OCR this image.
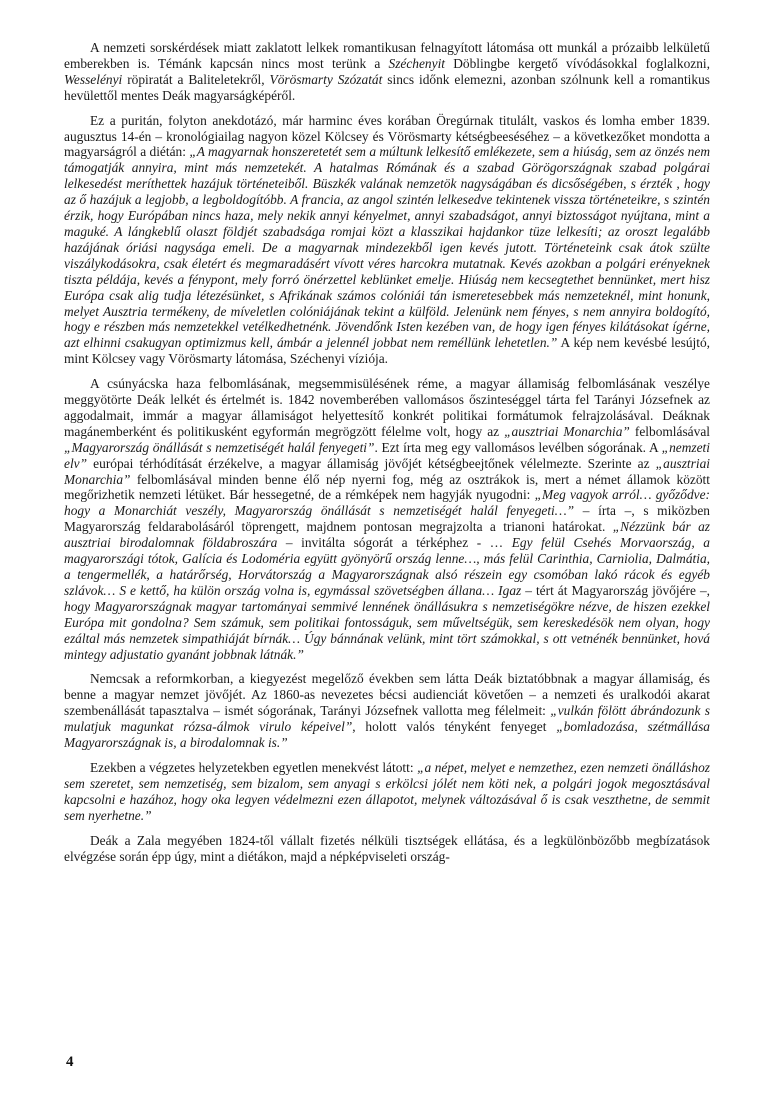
A nemzeti sorskérdések miatt zaklatott lelkek romantikusan felnagyított látomása ott munkál a prózaibb lelkületű emberekben is. Témánk kapcsán nincs most terünk a Széchenyit Döblingbe kergető vívódásokkal foglalkozni, Wesselényi röpiratát a Baliteletekről, Vörösmarty Szózatát sincs időnk elemezni, azonban szólnunk kell a romantikus hevülettől mentes Deák magyarságképéről.

Ez a puritán, folyton anekdotázó, már harminc éves korában Öregúrnak titulált, vaskos és lomha ember 1839. augusztus 14-én – kronológiailag nagyon közel Kölcsey és Vörösmarty kétségbeeséséhez – a következőket mondotta a magyarságról a diétán: „A magyarnak honszeretetét sem a múltunk lelkesítő emlékezete, sem a hiúság, sem az önzés nem támogatják annyira, mint más nemzetekét. A hatalmas Rómának és a szabad Görögországnak szabad polgárai lelkesedést meríthettek hazájuk történeteiből. Büszkék valának nemzetök nagyságában és dicsőségében, s érzték , hogy az ő hazájuk a legjobb, a legboldogítóbb. A francia, az angol szintén lelkesedve tekintenek vissza történeteikre, s szintén érzik, hogy Európában nincs haza, mely nekik annyi kényelmet, annyi szabadságot, annyi biztosságot nyújtana, mint a maguké. A lángkeblű olaszt földjét szabadsága romjai közt a klasszikai hajdankor tüze lelkesíti; az oroszt legalább hazájának óriási nagysága emeli. De a magyarnak mindezekből igen kevés jutott. Történeteink csak átok szülte viszálykodásokra, csak életért és megmaradásért vívott véres harcokra mutatnak. Kevés azokban a polgári erényeknek tiszta példája, kevés a fénypont, mely forró önérzettel keblünket emelje. Hiúság nem kecsegtethet bennünket, mert hisz Európa csak alig tudja létezésünket, s Afrikának számos colóniái tán ismeretesebbek más nemzeteknél, mint honunk, melyet Ausztria termékeny, de míveletlen colóniájának tekint a külföld. Jelenünk nem fényes, s nem annyira boldogító, hogy e részben más nemzetekkel vetélkedhetnénk. Jövendőnk Isten kezében van, de hogy igen fényes kilátásokat ígérne, azt elhinni csakugyan optimizmus kell, ámbár a jelennél jobbat nem reméllünk lehetetlen.” A kép nem kevésbé lesújtó, mint Kölcsey vagy Vörösmarty látomása, Széchenyi víziója.

A csúnyácska haza felbomlásának, megsemmisülésének réme, a magyar államiság felbomlásának veszélye meggyötörte Deák lelkét és értelmét is. 1842 novemberében vallomásos őszinteséggel tárta fel Tarányi Józsefnek az aggodalmait, immár a magyar államiságot helyettesítő konkrét politikai formátumok felrajzolásával. Deáknak magánemberként és politikusként egyformán megrögzött félelme volt, hogy az „ausztriai Monarchia” felbomlásával „Magyarország önállását s nemzetiségét halál fenyegeti”. Ezt írta meg egy vallomásos levélben sógorának. A „nemzeti elv” európai térhódítását érzékelve, a magyar államiság jövőjét kétségbeejtőnek vélelmezte. Szerinte az „ausztriai Monarchia” felbomlásával minden benne élő nép nyerni fog, még az osztrákok is, mert a német államok között megőrizhetik nemzeti létüket. Bár hessegetné, de a rémképek nem hagyják nyugodni: „Meg vagyok arról… győződve: hogy a Monarchiát veszély, Magyarország önállását s nemzetiségét halál fenyegeti…” – írta –, s miközben Magyarország feldarabolásáról töprengett, majdnem pontosan megrajzolta a trianoni határokat. „Nézzünk bár az ausztriai birodalomnak földabroszára – invitálta sógorát a térképhez - … Egy felül Csehés Morvaország, a magyarországi tótok, Galícia és Lodoméria együtt gyönyörű ország lenne…, más felül Carinthia, Carniolia, Dalmátia, a tengermellék, a határőrség, Horvátország a Magyarországnak alsó részein egy csomóban lakó rácok és egyéb szlávok… S e kettő, ha külön ország volna is, egymással szövetségben állana… Igaz – tért át Magyarország jövőjére –, hogy Magyarországnak magyar tartományai semmivé lennének önállásukra s nemzetiségökre nézve, de hiszen ezekkel Európa mit gondolna? Sem számuk, sem politikai fontosságuk, sem műveltségük, sem kereskedésök nem olyan, hogy ezáltal más nemzetek simpathiáját bírnák… Úgy bánnának velünk, mint tört számokkal, s ott vetnénék bennünket, hová mintegy adjustatio gyanánt jobbnak látnák.”

Nemcsak a reformkorban, a kiegyezést megelőző években sem látta Deák biztatóbbnak a magyar államiság, és benne a magyar nemzet jövőjét. Az 1860-as nevezetes bécsi audienciát követően – a nemzeti és uralkodói akarat szembenállását tapasztalva – ismét sógorának, Tarányi Józsefnek vallotta meg félelmeit: „vulkán fölött ábrándozunk s mulatjuk magunkat rózsa-álmok virulo képeivel”, holott valós tényként fenyeget „bomladozása, szétmállása Magyarországnak is, a birodalomnak is.”

Ezekben a végzetes helyzetekben egyetlen menekvést látott: „a népet, melyet e nemzethez, ezen nemzeti önálláshoz sem szeretet, sem nemzetiség, sem bizalom, sem anyagi s erkölcsi jólét nem köti nek, a polgári jogok megosztásával kapcsolni e hazához, hogy oka legyen védelmezni ezen állapotot, melynek változásával ő is csak veszthetne, de semmit sem nyerhetne.”

Deák a Zala megyében 1824-től vállalt fizetés nélküli tisztségek ellátása, és a legkülönbözőbb megbízatások elvégzése során épp úgy, mint a diétákon, majd a népképviseleti ország-

4
